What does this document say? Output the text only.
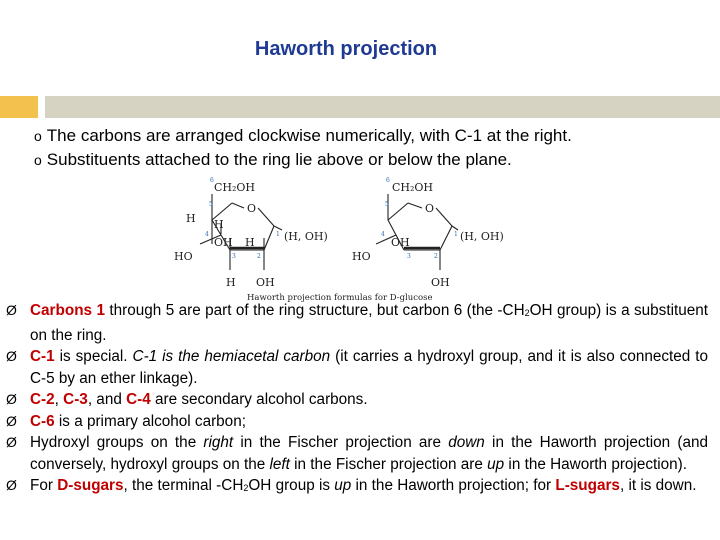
Haworth projection
o The carbons are arranged clockwise numerically, with C-1 at the right.
o Substituents attached to the ring lie above or below the plane.
CH₂OH
O
H H
OH H
HO
H OH
(H, OH)
6
5
4
3	2
1
CH₂OH
O
OH
HO
OH
(H, OH)
6
5
4
3	2
1
Haworth projection formulas for D-glucose
Ø Carbons 1 through 5 are part of the ring structure, but carbon 6 (the -CH2OH group) is a substituent on the ring.
Ø C-1 is special. C-1 is the hemiacetal carbon (it carries a hydroxyl group, and it is also connected to C-5 by an ether linkage).
Ø C-2, C-3, and C-4 are secondary alcohol carbons.
Ø C-6 is a primary alcohol carbon;
Ø Hydroxyl groups on the right in the Fischer projection are down in the Haworth projection (and conversely, hydroxyl groups on the left in the Fischer projection are up in the Haworth projection).
Ø For D-sugars, the terminal -CH2OH group is up in the Haworth projection; for L-sugars, it is down.
